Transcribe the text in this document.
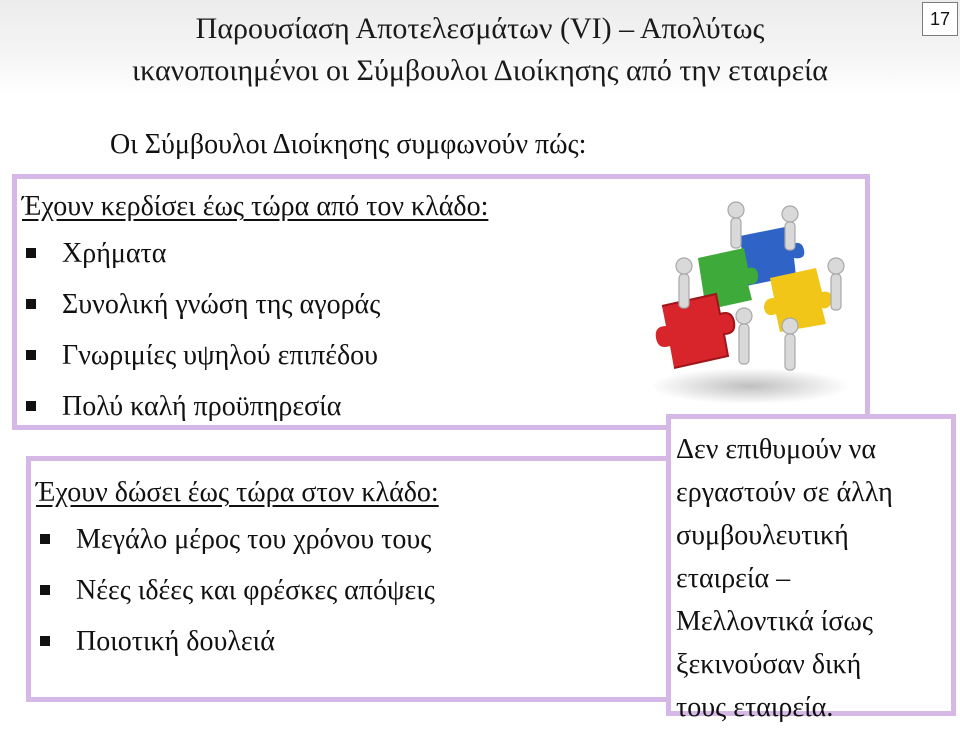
Παρουσίαση Αποτελεσμάτων (VI) – Απολύτως
ικανοποιημένοι οι Σύμβουλοι Διοίκησης από την εταιρεία
17
Οι Σύμβουλοι Διοίκησης συμφωνούν πώς:
Έχουν κερδίσει έως τώρα από τον κλάδο:
Χρήματα
Συνολική γνώση της αγοράς
Γνωριμίες υψηλού επιπέδου
Πολύ καλή προϋπηρεσία
Έχουν δώσει έως τώρα στον κλάδο:
Μεγάλο μέρος του χρόνου τους
Νέες ιδέες και φρέσκες απόψεις
Ποιοτική δουλειά
Δεν επιθυμούν να
εργαστούν σε άλλη
συμβουλευτική
εταιρεία –
Μελλοντικά ίσως
ξεκινούσαν δική
τους εταιρεία.
